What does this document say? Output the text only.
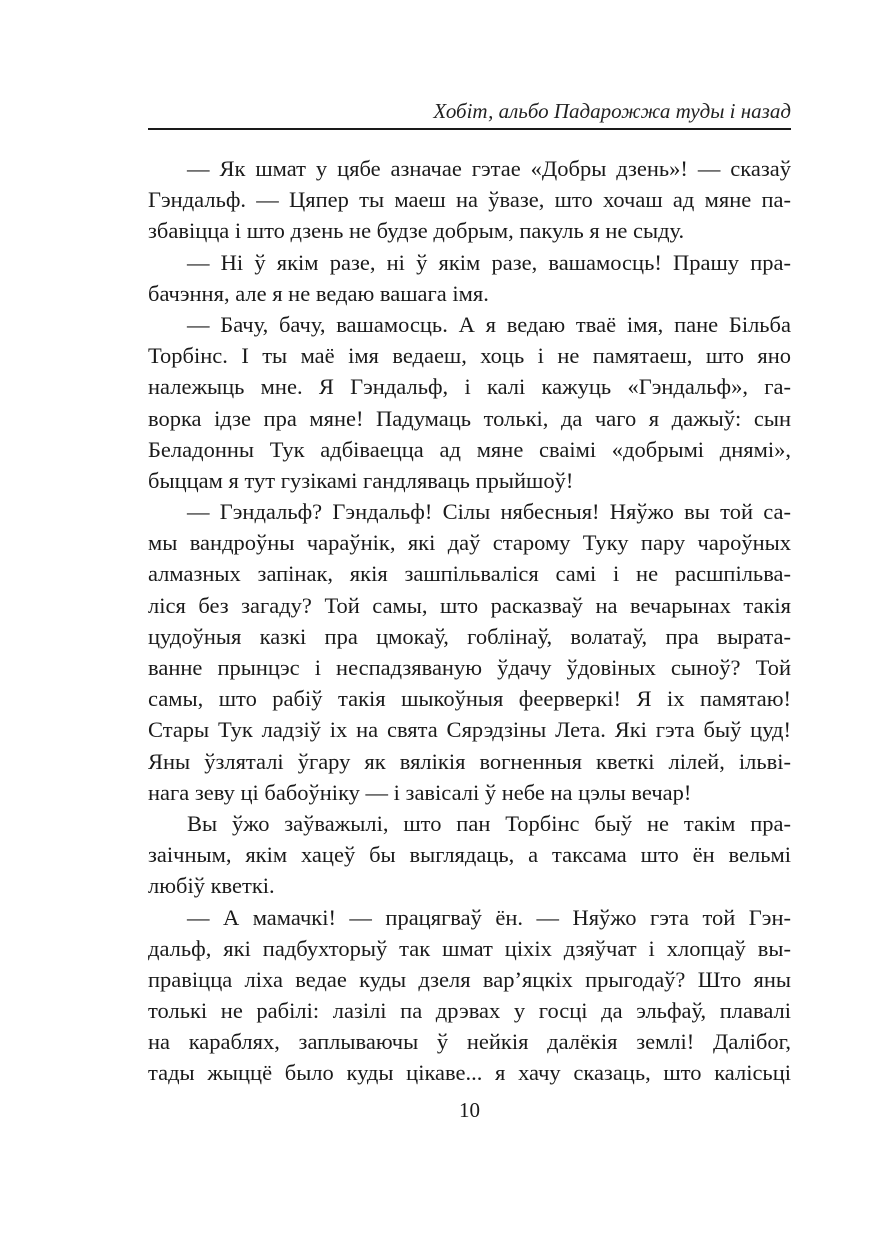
Хобіт, альбо Падарожжа туды і назад
— Як шмат у цябе азначае гэтае «Добры дзень»! — сказаў
Гэндальф. — Цяпер ты маеш на ўвазе, што хочаш ад мяне па-
збавіцца і што дзень не будзе добрым, пакуль я не сыду.
— Ні ў якім разе, ні ў якім разе, вашамосць! Прашу пра-
бачэння, але я не ведаю вашага імя.
— Бачу, бачу, вашамосць. А я ведаю тваё імя, пане Більба
Торбінс. І ты маё імя ведаеш, хоць і не памятаеш, што яно
належыць мне. Я Гэндальф, і калі кажуць «Гэндальф», га-
ворка ідзе пра мяне! Падумаць толькі, да чаго я дажыў: сын
Беладонны Тук адбіваецца ад мяне сваімі «добрымі днямі»,
быццам я тут гузікамі гандляваць прыйшоў!
— Гэндальф? Гэндальф! Сілы нябесныя! Няўжо вы той са-
мы вандроўны чараўнік, які даў старому Туку пару чароўных
алмазных запінак, якія зашпільваліся самі і не расшпільва-
ліся без загаду? Той самы, што расказваў на вечарынах такія
цудоўныя казкі пра цмокаў, гоблінаў, волатаў, пра вырата-
ванне прынцэс і неспадзяваную ўдачу ўдовіных сыноў? Той
самы, што рабіў такія шыкоўныя феерверкі! Я іх памятаю!
Стары Тук ладзіў іх на свята Сярэдзіны Лета. Які гэта быў цуд!
Яны ўзляталі ўгару як вялікія вогненныя кветкі лілей, ільві-
нага зеву ці бабоўніку — і завісалі ў небе на цэлы вечар!
Вы ўжо заўважылі, што пан Торбінс быў не такім пра-
заічным, якім хацеў бы выглядаць, а таксама што ён вельмі
любіў кветкі.
— А мамачкі! — працягваў ён. — Няўжо гэта той Гэн-
дальф, які падбухторыў так шмат ціхіх дзяўчат і хлопцаў вы-
правіцца ліха ведае куды дзеля вар’яцкіх прыгодаў? Што яны
толькі не рабілі: лазілі па дрэвах у госці да эльфаў, плавалі
на караблях, заплываючы ў нейкія далёкія землі! Далібог,
тады жыццё было куды цікаве... я хачу сказаць, што калісьці
10
